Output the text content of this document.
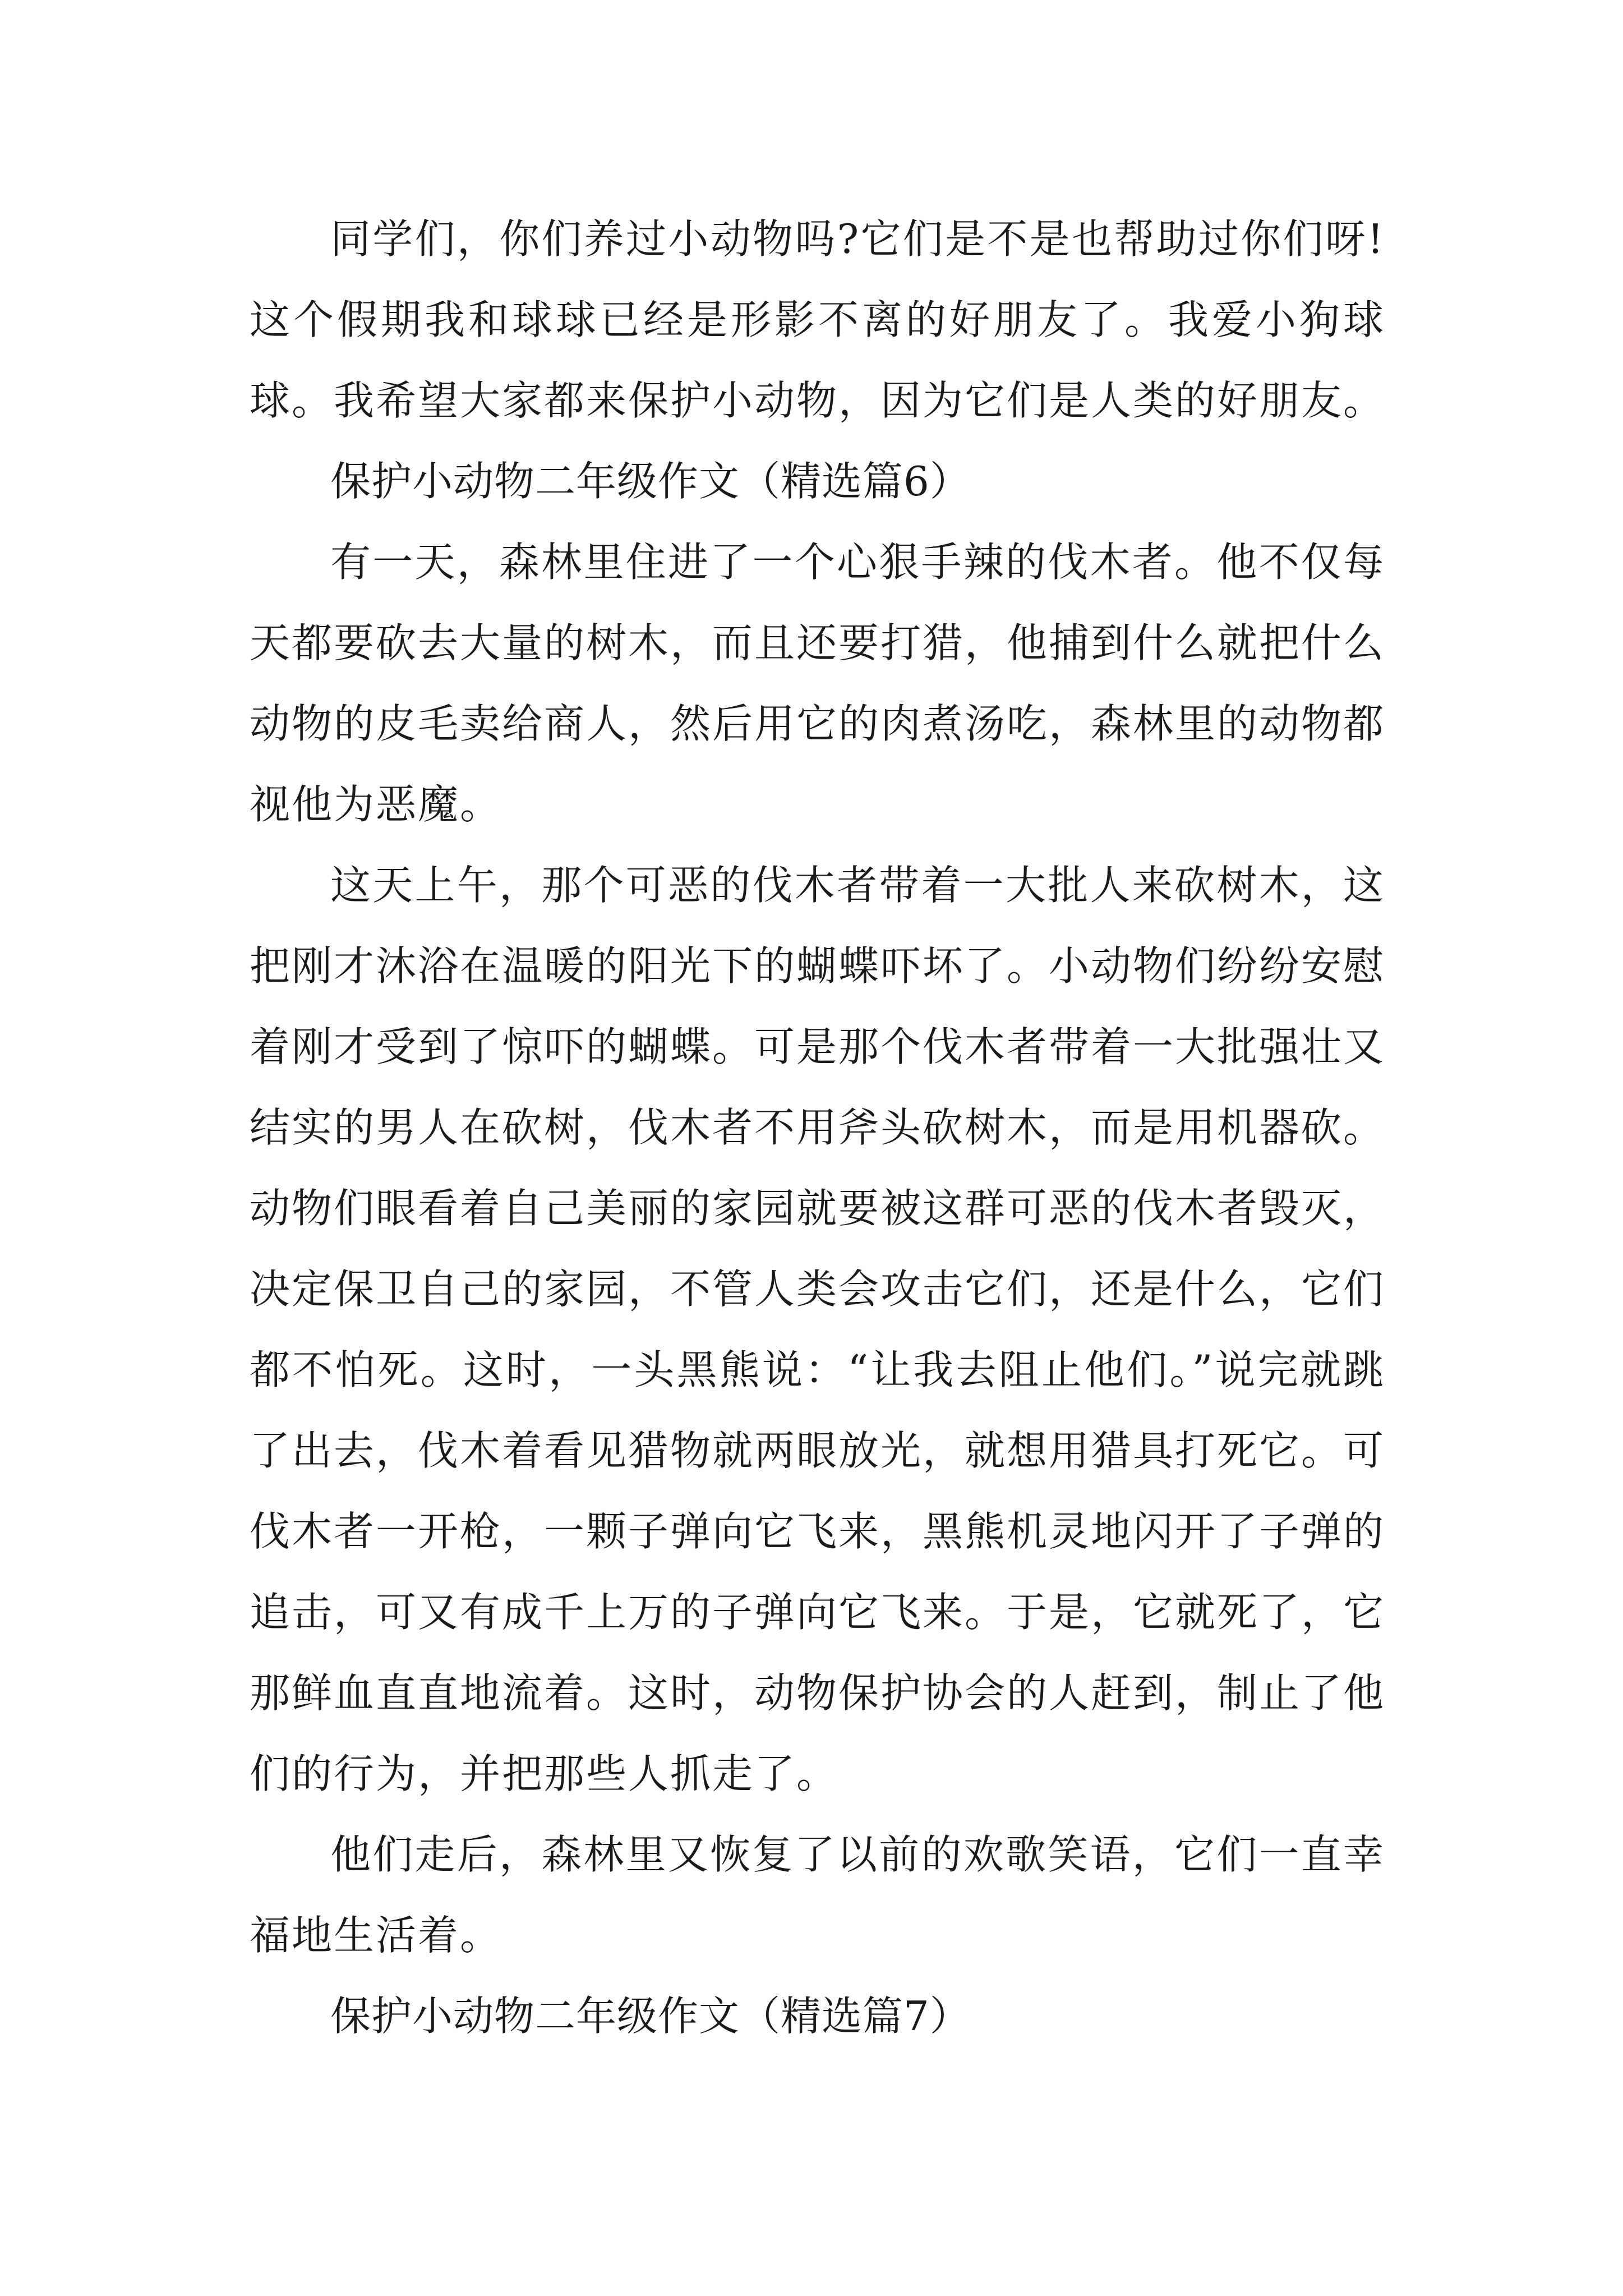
同学们，你们养过小动物吗?它们是不是也帮助过你们呀!这个假期我和球球已经是形影不离的好朋友了。我爱小狗球球。我希望大家都来保护小动物，因为它们是人类的好朋友。

保护小动物二年级作文（精选篇6）

有一天，森林里住进了一个心狠手辣的伐木者。他不仅每天都要砍去大量的树木，而且还要打猎，他捕到什么就把什么动物的皮毛卖给商人，然后用它的肉煮汤吃，森林里的动物都视他为恶魔。

这天上午，那个可恶的伐木者带着一大批人来砍树木，这把刚才沐浴在温暖的阳光下的蝴蝶吓坏了。小动物们纷纷安慰着刚才受到了惊吓的蝴蝶。可是那个伐木者带着一大批强壮又结实的男人在砍树，伐木者不用斧头砍树木，而是用机器砍。动物们眼看着自己美丽的家园就要被这群可恶的伐木者毁灭，决定保卫自己的家园，不管人类会攻击它们，还是什么，它们都不怕死。这时，一头黑熊说：“让我去阻止他们。”说完就跳了出去，伐木着看见猎物就两眼放光，就想用猎具打死它。可伐木者一开枪，一颗子弹向它飞来，黑熊机灵地闪开了子弹的追击，可又有成千上万的子弹向它飞来。于是，它就死了，它那鲜血直直地流着。这时，动物保护协会的人赶到，制止了他们的行为，并把那些人抓走了。

他们走后，森林里又恢复了以前的欢歌笑语，它们一直幸福地生活着。

保护小动物二年级作文（精选篇7）
